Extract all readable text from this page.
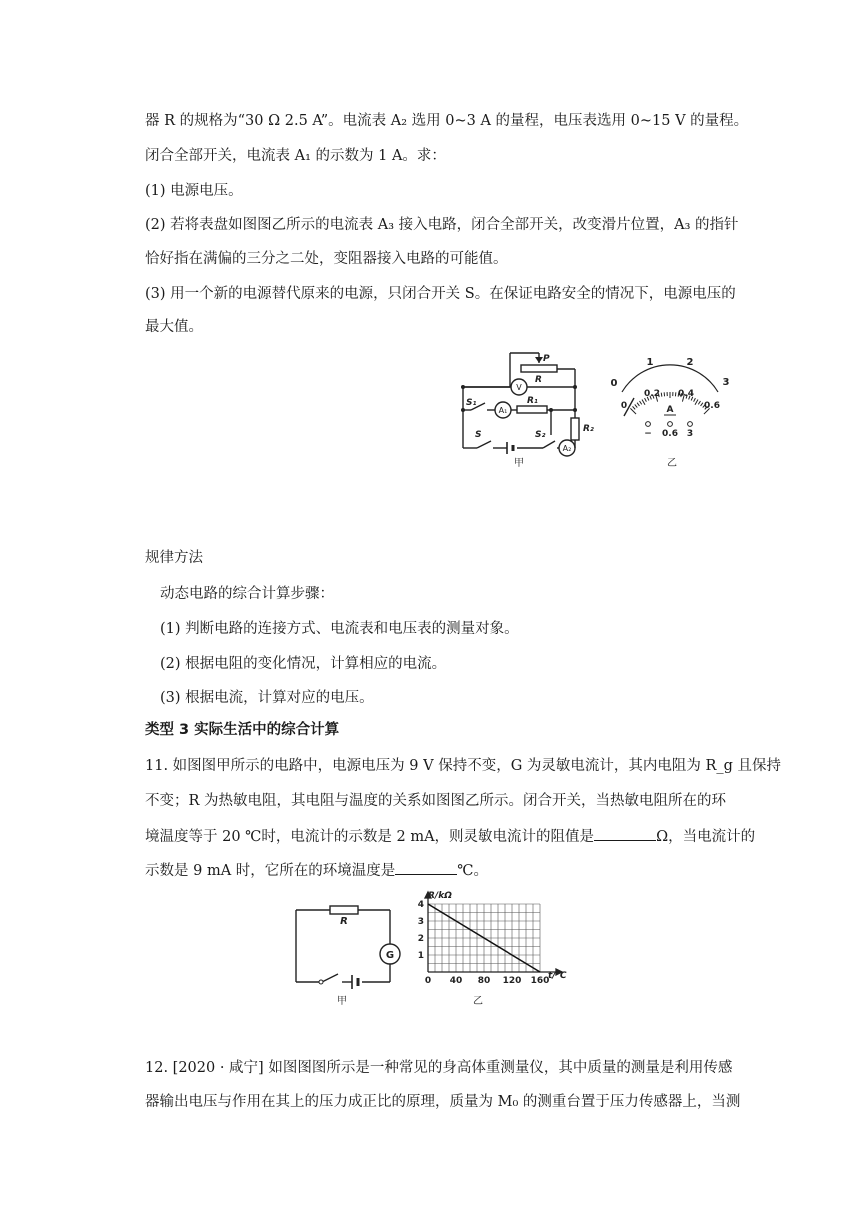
器 R 的规格为“30 Ω 2.5 A”。电流表 A₂ 选用 0~3 A 的量程，电压表选用 0~15 V 的量程。
闭合全部开关，电流表 A₁ 的示数为 1 A。求：
(1) 电源电压。
(2) 若将表盘如图图乙所示的电流表 A₃ 接入电路，闭合全部开关，改变滑片位置，A₃ 的指针
恰好指在满偏的三分之二处，变阻器接入电路的可能值。
(3) 用一个新的电源替代原来的电源，只闭合开关 S。在保证电路安全的情况下，电源电压的
最大值。
P
R
S₁	R₁
S	S₂
R₂
V
A₁
A₂
甲
0
1	2
3
0
0.2 0.4
0.6
A
− 0.6 3
乙
规律方法
动态电路的综合计算步骤：
(1) 判断电路的连接方式、电流表和电压表的测量对象。
(2) 根据电阻的变化情况，计算相应的电流。
(3) 根据电流，计算对应的电压。
类型 3 实际生活中的综合计算
11. 如图图甲所示的电路中，电源电压为 9 V 保持不变，G 为灵敏电流计，其内电阻为 R_g 且保持
不变；R 为热敏电阻，其电阻与温度的关系如图图乙所示。闭合开关，当热敏电阻所在的环
境温度等于 20 ℃时，电流计的示数是 2 mA，则灵敏电流计的阻值是	Ω，当电流计的
示数是 9 mA 时，它所在的环境温度是	℃。
R
G
甲
0 40 80 120 160
1
2
3
4
R/kΩ
t/℃
乙
12. [2020 · 咸宁] 如图图图所示是一种常见的身高体重测量仪，其中质量的测量是利用传感
器输出电压与作用在其上的压力成正比的原理，质量为 M₀ 的测重台置于压力传感器上，当测
